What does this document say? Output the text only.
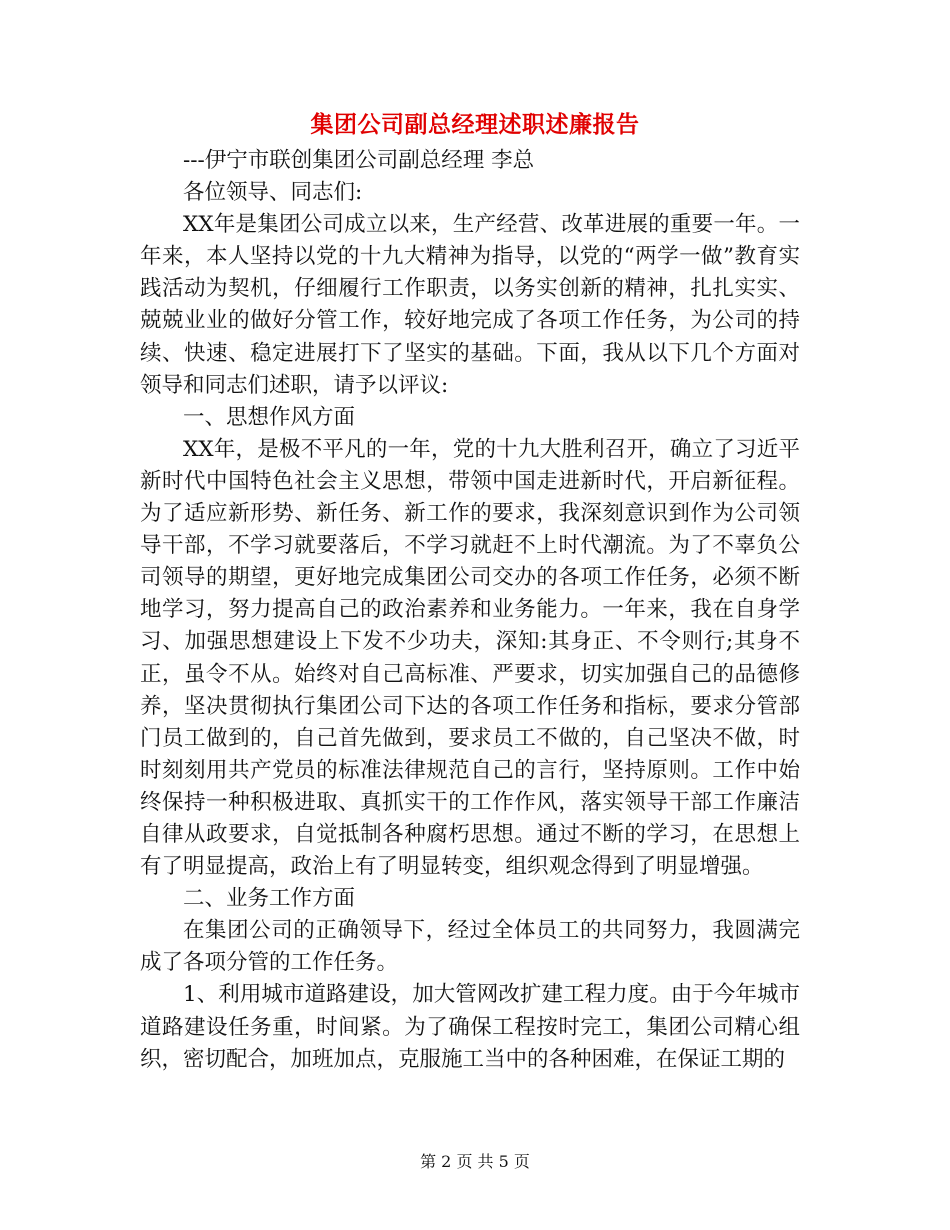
集团公司副总经理述职述廉报告

---伊宁市联创集团公司副总经理 李总

各位领导、同志们:

XX年是集团公司成立以来，生产经营、改革进展的重要一年。一年来，本人坚持以党的十九大精神为指导，以党的“两学一做”教育实践活动为契机，仔细履行工作职责，以务实创新的精神，扎扎实实、兢兢业业的做好分管工作，较好地完成了各项工作任务，为公司的持续、快速、稳定进展打下了坚实的基础。下面，我从以下几个方面对领导和同志们述职，请予以评议:

一、思想作风方面

XX年，是极不平凡的一年，党的十九大胜利召开，确立了习近平新时代中国特色社会主义思想，带领中国走进新时代，开启新征程。为了适应新形势、新任务、新工作的要求，我深刻意识到作为公司领导干部，不学习就要落后，不学习就赶不上时代潮流。为了不辜负公司领导的期望，更好地完成集团公司交办的各项工作任务，必须不断地学习，努力提高自己的政治素养和业务能力。一年来，我在自身学习、加强思想建设上下发不少功夫，深知:其身正、不令则行;其身不正，虽令不从。始终对自己高标准、严要求，切实加强自己的品德修养，坚决贯彻执行集团公司下达的各项工作任务和指标，要求分管部门员工做到的，自己首先做到，要求员工不做的，自己坚决不做，时时刻刻用共产党员的标准法律规范自己的言行，坚持原则。工作中始终保持一种积极进取、真抓实干的工作作风，落实领导干部工作廉洁自律从政要求，自觉抵制各种腐朽思想。通过不断的学习，在思想上有了明显提高，政治上有了明显转变，组织观念得到了明显增强。

二、业务工作方面

在集团公司的正确领导下，经过全体员工的共同努力，我圆满完成了各项分管的工作任务。

1、利用城市道路建设，加大管网改扩建工程力度。由于今年城市道路建设任务重，时间紧。为了确保工程按时完工，集团公司精心组织，密切配合，加班加点，克服施工当中的各种困难，在保证工期的

第 2 页 共 5 页
